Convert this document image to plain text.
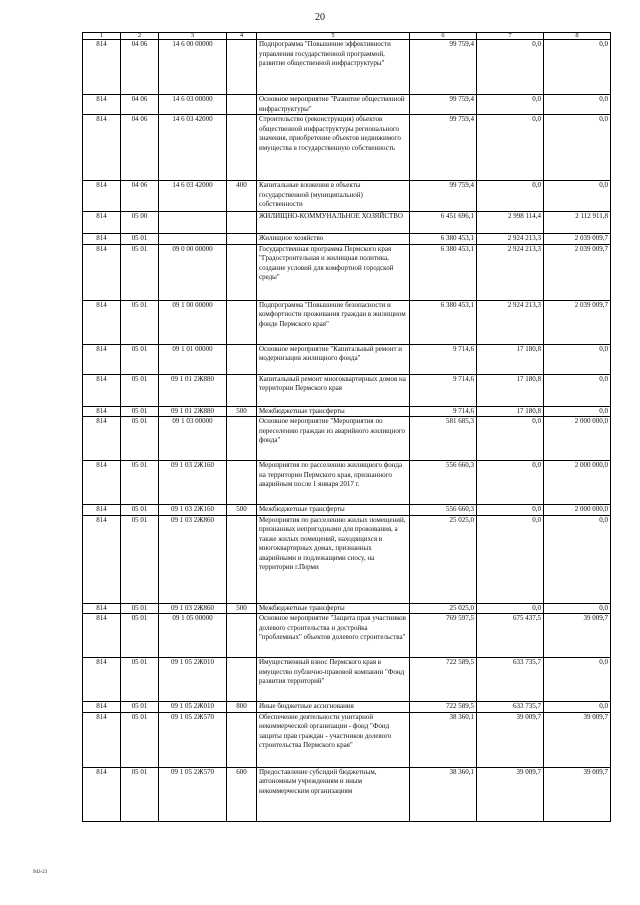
20
1	2	3	4	5	6	7	8
814	04 06	14 6 00 00000		Подпрограмма "Повышение эффективности управления государственной программой, развитие общественной инфраструктуры"	99 759,4	0,0	0,0
814	04 06	14 6 03 00000		Основное мероприятие "Развитие общественной инфраструктуры"	99 759,4	0,0	0,0
814	04 06	14 6 03 42000		Строительство (реконструкция) объектов общественной инфраструктуры регионального значения, приобретение объектов недвижимого имущества в государственную собственность	99 759,4	0,0	0,0
814	04 06	14 6 03 42000	400	Капитальные вложения в объекты государственной (муниципальной) собственности	99 759,4	0,0	0,0
814	05 00			ЖИЛИЩНО-КОММУНАЛЬНОЕ ХОЗЯЙСТВО	6 451 696,1	2 998 114,4	2 112 911,8
814	05 01			Жилищное хозяйство	6 380 453,1	2 924 213,3	2 039 009,7
814	05 01	09 0 00 00000		Государственная программа Пермского края "Градостроительная и жилищная политика, создание условий для комфортной городской среды"	6 380 453,1	2 924 213,3	2 039 009,7
814	05 01	09 1 00 00000		Подпрограмма "Повышение безопасности и комфортности проживания граждан в жилищном фонде Пермского края"	6 380 453,1	2 924 213,3	2 039 009,7
814	05 01	09 1 01 00000		Основное мероприятие "Капитальный ремонт и модернизация жилищного фонда"	9 714,6	17 180,8	0,0
814	05 01	09 1 01 2Ж880		Капитальный ремонт многоквартирных домов на территории Пермского края	9 714,6	17 180,8	0,0
814	05 01	09 1 01 2Ж880	500	Межбюджетные трансферты	9 714,6	17 180,8	0,0
814	05 01	09 1 03 00000		Основное мероприятие "Мероприятия по переселению граждан из аварийного жилищного фонда"	581 685,3	0,0	2 000 000,0
814	05 01	09 1 03 2Ж160		Мероприятия по расселению жилищного фонда на территории Пермского края, признанного аварийным после 1 января 2017 г.	556 660,3	0,0	2 000 000,0
814	05 01	09 1 03 2Ж160	500	Межбюджетные трансферты	556 660,3	0,0	2 000 000,0
814	05 01	09 1 03 2Ж860		Мероприятия по расселению жилых помещений, признанных непригодными для проживания, а также жилых помещений, находящихся в многоквартирных домах, признанных аварийными и подлежащими сносу, на территории г.Перми	25 025,0	0,0	0,0
814	05 01	09 1 03 2Ж860	500	Межбюджетные трансферты	25 025,0	0,0	0,0
814	05 01	09 1 05 00000		Основное мероприятие "Защита прав участников долевого строительства и достройка "проблемных" объектов долевого строительства"	769 597,5	675 437,5	39 009,7
814	05 01	09 1 05 2Ж010		Имущественный взнос Пермского края в имущество публично-правовой компании "Фонд развития территорий"	722 589,5	633 735,7	0,0
814	05 01	09 1 05 2Ж010	800	Иные бюджетные ассигнования	722 589,5	633 735,7	0,0
814	05 01	09 1 05 2Ж570		Обеспечение деятельности унитарной некоммерческой организации - фонд "Фонд защиты прав граждан - участников долевого строительства Пермского края"	38 360,1	39 009,7	39 009,7
814	05 01	09 1 05 2Ж570	600	Предоставление субсидий бюджетным, автономным учреждениям и иным некоммерческим организациям	38 360,1	39 009,7	39 009,7
943-23
